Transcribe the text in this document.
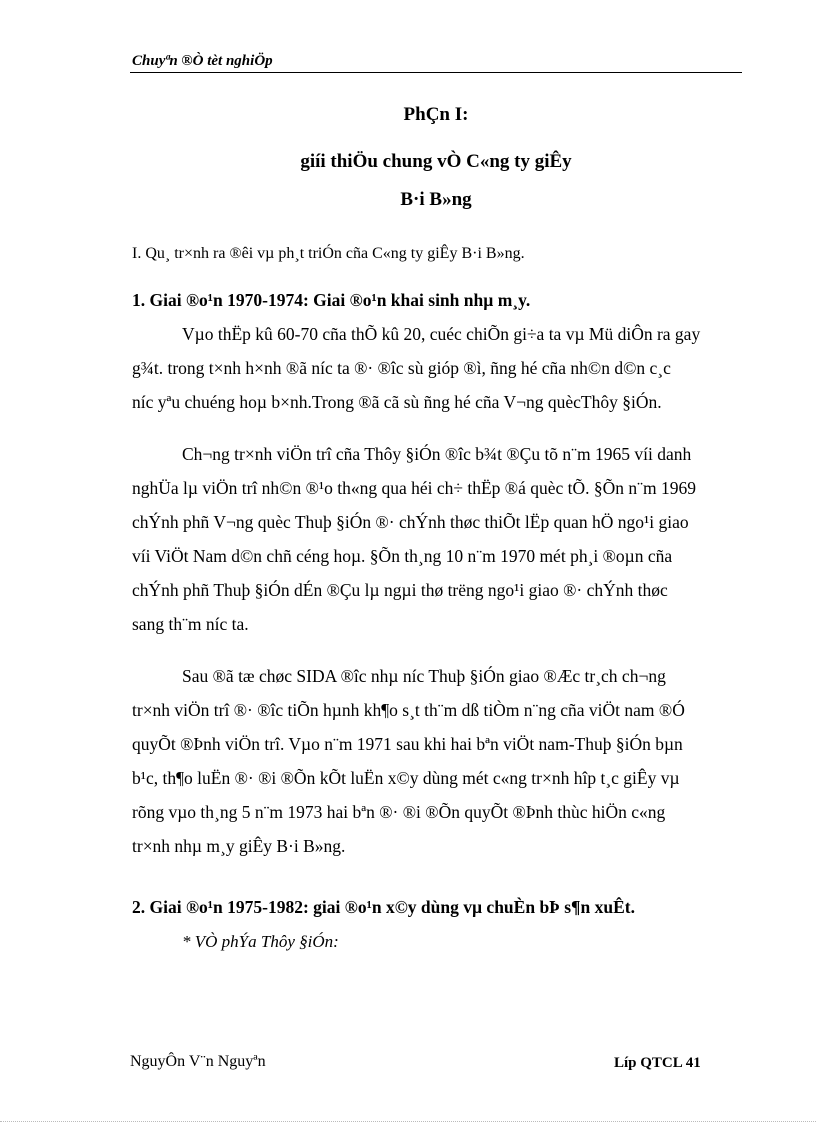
Chuyªn ®Ò tèt nghiÖp
PhÇn I:
giíi thiÖu chung vÒ C«ng ty giÊy
B·i B»ng
I. Qu¸ tr×nh ra ®êi vµ ph¸t triÓn cña C«ng ty giÊy B·i B»ng.
1. Giai ®o¹n 1970-1974: Giai ®o¹n khai sinh nhµ m¸y.
Vµo thËp kû 60-70 cña thÕ kû 20, cuéc chiÕn gi÷a ta vµ Mü diÔn ra gay
g¾t. trong t×nh h×nh ®ã níc ta ®· ®îc sù gióp ®ì, ñng hé cña nh©n d©n c¸c
níc yªu chuéng hoµ b×nh.Trong ®ã cã sù ñng hé cña V¬ng quècThôy §iÓn.
Ch¬ng tr×nh viÖn trî cña Thôy §iÓn ®îc b¾t ®Çu tõ n¨m 1965 víi danh
nghÜa lµ viÖn trî nh©n ®¹o th«ng qua héi ch÷ thËp ®á quèc tÕ. §Õn n¨m 1969
chÝnh phñ V¬ng quèc Thuþ §iÓn ®· chÝnh thøc thiÕt lËp quan hÖ ngo¹i giao
víi ViÖt Nam d©n chñ céng hoµ. §Õn th¸ng 10 n¨m 1970 mét ph¸i ®oµn cña
chÝnh phñ Thuþ §iÓn dÉn ®Çu lµ ngµi thø trëng ngo¹i giao ®· chÝnh thøc
sang th¨m níc ta.
Sau ®ã tæ chøc SIDA ®îc nhµ níc Thuþ §iÓn giao ®Æc tr¸ch ch¬ng
tr×nh viÖn trî ®· ®îc tiÕn hµnh kh¶o s¸t th¨m dß tiÒm n¨ng cña viÖt nam ®Ó
quyÕt ®Þnh viÖn trî. Vµo n¨m 1971 sau khi hai bªn viÖt nam-Thuþ §iÓn bµn
b¹c, th¶o luËn ®· ®i ®Õn kÕt luËn x©y dùng mét c«ng tr×nh hîp t¸c giÊy vµ
rõng vµo th¸ng 5 n¨m 1973 hai bªn ®· ®i ®Õn quyÕt ®Þnh thùc hiÖn c«ng
tr×nh nhµ m¸y giÊy B·i B»ng.
2. Giai ®o¹n 1975-1982: giai ®o¹n x©y dùng vµ chuÈn bÞ s¶n xuÊt.
* VÒ phÝa Thôy §iÓn:
NguyÔn V¨n Nguyªn	Líp QTCL 41
